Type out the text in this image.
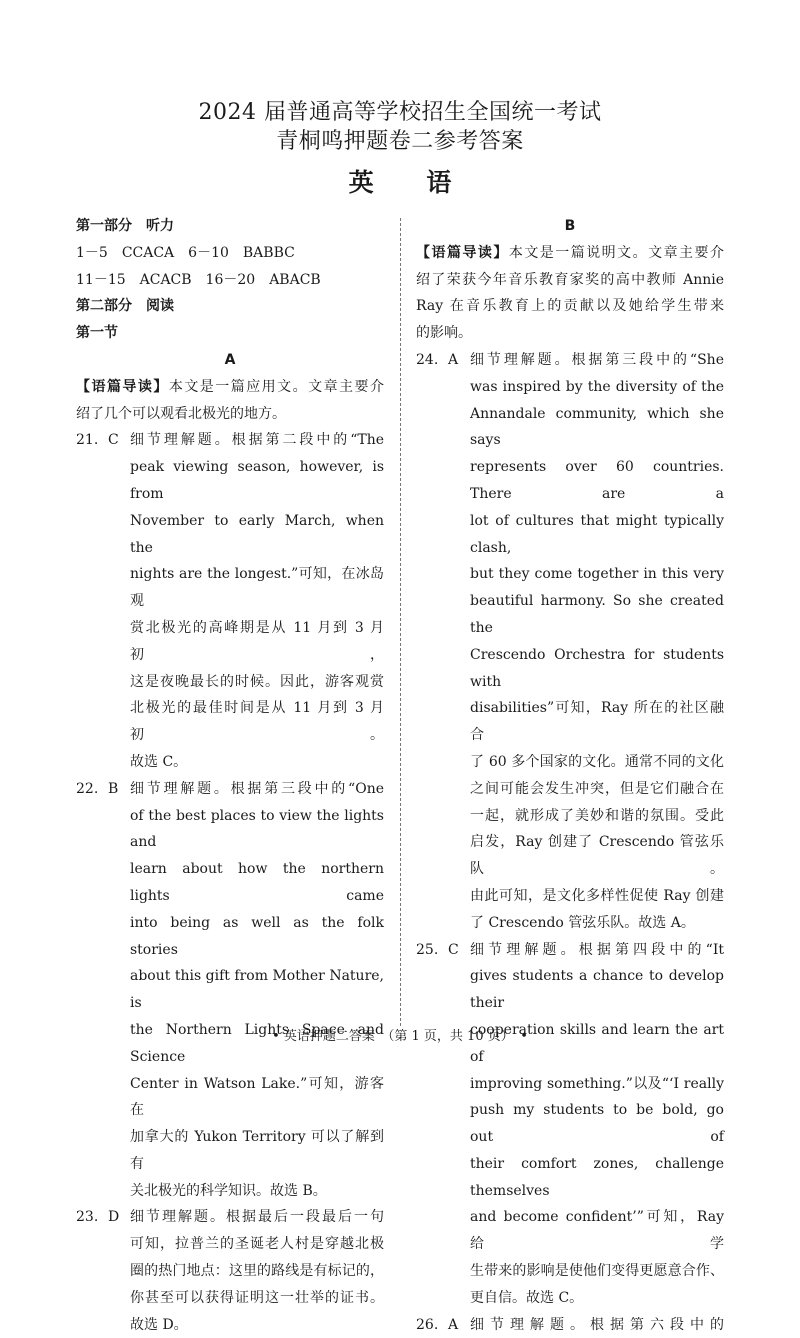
2024 届普通高等学校招生全国统一考试
青桐鸣押题卷二参考答案
英 语
第一部分　听力
1－5　CCACA　6－10　BABBC
11－15　ACACB　16－20　ABACB
第二部分　阅读
第一节
A
【语篇导读】本文是一篇应用文。文章主要介
绍了几个可以观看北极光的地方。
21. C 细节理解题。根据第二段中的“The
peak viewing season, however, is from
November to early March, when the
nights are the longest.”可知，在冰岛观
赏北极光的高峰期是从 11 月到 3 月初，
这是夜晚最长的时候。因此，游客观赏
北极光的最佳时间是从 11 月到 3 月初。
故选 C。
22. B 细节理解题。根据第三段中的“One
of the best places to view the lights and
learn about how the northern lights came
into being as well as the folk stories
about this gift from Mother Nature, is
the Northern Lights Space and Science
Center in Watson Lake.”可知，游客在
加拿大的 Yukon Territory 可以了解到有
关北极光的科学知识。故选 B。
23. D 细节理解题。根据最后一段最后一句
可知，拉普兰的圣诞老人村是穿越北极
圈的热门地点：这里的路线是有标记的，
你甚至可以获得证明这一壮举的证书。
故选 D。
B
【语篇导读】本文是一篇说明文。文章主要介
绍了荣获今年音乐教育家奖的高中教师 Annie
Ray 在音乐教育上的贡献以及她给学生带来
的影响。
24. A 细节理解题。根据第三段中的“She
was inspired by the diversity of the
Annandale community, which she says
represents over 60 countries. There are a
lot of cultures that might typically clash,
but they come together in this very
beautiful harmony. So she created the
Crescendo Orchestra for students with
disabilities”可知，Ray 所在的社区融合
了 60 多个国家的文化。通常不同的文化
之间可能会发生冲突，但是它们融合在
一起，就形成了美妙和谐的氛围。受此
启发，Ray 创建了 Crescendo 管弦乐队。
由此可知，是文化多样性促使 Ray 创建
了 Crescendo 管弦乐队。故选 A。
25. C 细节理解题。根据第四段中的“It
gives students a chance to develop their
cooperation skills and learn the art of
improving something.”以及“‘I really
push my students to be bold, go out of
their comfort zones, challenge themselves
and become confident’”可知，Ray 给学
生带来的影响是使他们变得更愿意合作、
更自信。故选 C。
26. A 细节理解题。根据第六段中的
• 英语押题二答案　（第 1 页，共 10 页）　•
